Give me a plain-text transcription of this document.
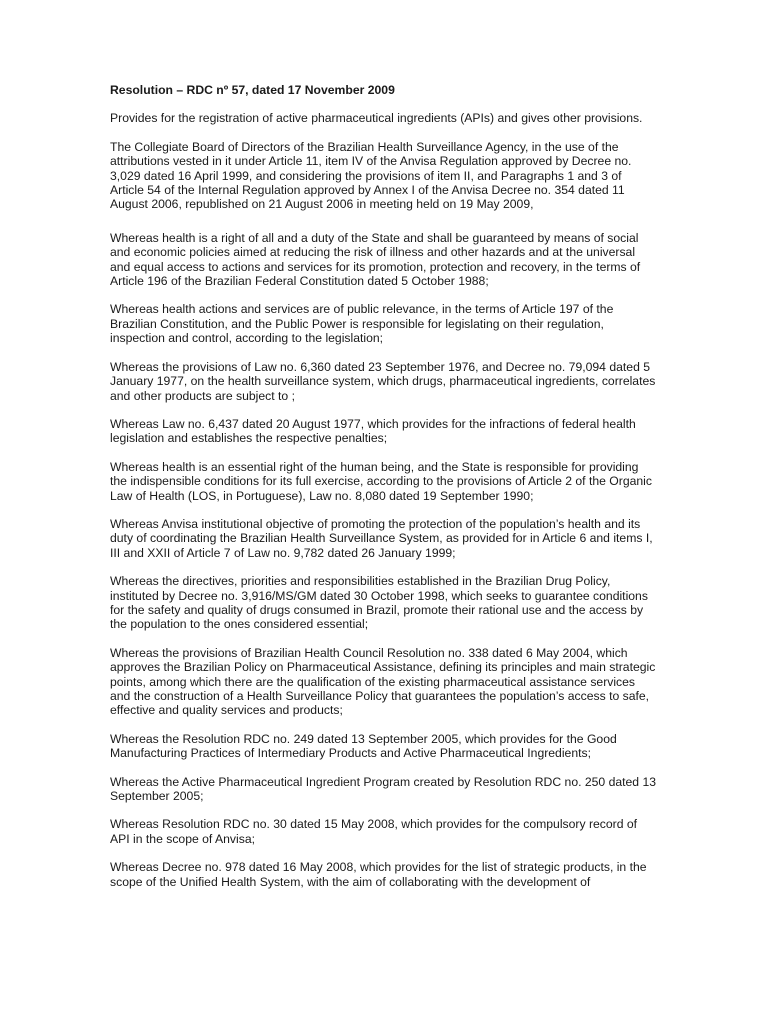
Resolution – RDC nº 57, dated 17 November 2009

Provides for the registration of active pharmaceutical ingredients (APIs) and gives other provisions.

The Collegiate Board of Directors of the Brazilian Health Surveillance Agency, in the use of the attributions vested in it under Article 11, item IV of the Anvisa Regulation approved by Decree no. 3,029 dated 16 April 1999, and considering the provisions of item II, and Paragraphs 1 and 3 of Article 54 of the Internal Regulation approved by Annex I of the Anvisa Decree no. 354 dated 11 August 2006, republished on 21 August 2006 in meeting held on 19 May 2009,

Whereas health is a right of all and a duty of the State and shall be guaranteed by means of social and economic policies aimed at reducing the risk of illness and other hazards and at the universal and equal access to actions and services for its promotion, protection and recovery, in the terms of Article 196 of the Brazilian Federal Constitution dated 5 October 1988;

Whereas health actions and services are of public relevance, in the terms of Article 197 of the Brazilian Constitution, and the Public Power is responsible for legislating on their regulation, inspection and control, according to the legislation;

Whereas the provisions of Law no. 6,360 dated 23 September 1976, and Decree no. 79,094 dated 5 January 1977, on the health surveillance system, which drugs, pharmaceutical ingredients, correlates and other products are subject to ;

Whereas Law no. 6,437 dated 20 August 1977, which provides for the infractions of federal health legislation and establishes the respective penalties;

Whereas health is an essential right of the human being, and the State is responsible for providing the indispensible conditions for its full exercise, according to the provisions of Article 2 of the Organic Law of Health (LOS, in Portuguese), Law no. 8,080 dated 19 September 1990;

Whereas Anvisa institutional objective of promoting the protection of the population’s health and its duty of coordinating the Brazilian Health Surveillance System, as provided for in Article 6 and items I, III and XXII of Article 7 of Law no. 9,782 dated 26 January 1999;

Whereas the directives, priorities and responsibilities established in the Brazilian Drug Policy, instituted by Decree no. 3,916/MS/GM dated 30 October 1998, which seeks to guarantee conditions for the safety and quality of drugs consumed in Brazil, promote their rational use and the access by the population to the ones considered essential;

Whereas the provisions of Brazilian Health Council Resolution no. 338 dated 6 May 2004, which approves the Brazilian Policy on Pharmaceutical Assistance, defining its principles and main strategic points, among which there are the qualification of the existing pharmaceutical assistance services and the construction of a Health Surveillance Policy that guarantees the population’s access to safe, effective and quality services and products;

Whereas the Resolution RDC no. 249 dated 13 September 2005, which provides for the Good Manufacturing Practices of Intermediary Products and Active Pharmaceutical Ingredients;

Whereas the Active Pharmaceutical Ingredient Program created by Resolution RDC no. 250 dated 13 September 2005;

Whereas Resolution RDC no. 30 dated 15 May 2008, which provides for the compulsory record of API in the scope of Anvisa;

Whereas Decree no. 978 dated 16 May 2008, which provides for the list of strategic products, in the scope of the Unified Health System, with the aim of collaborating with the development of
